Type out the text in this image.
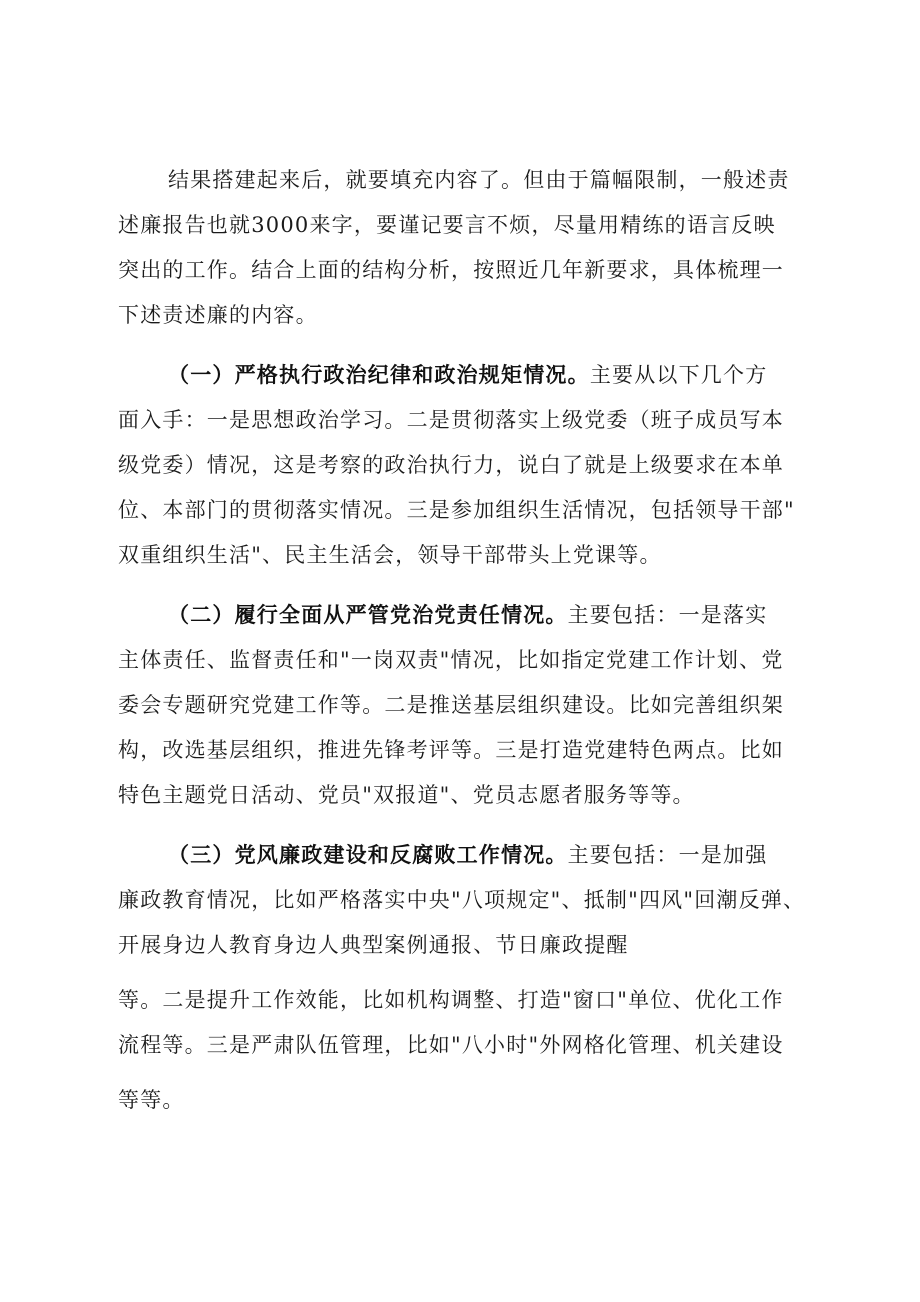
结果搭建起来后，就要填充内容了。但由于篇幅限制，一般述责
述廉报告也就3000来字，要谨记要言不烦，尽量用精练的语言反映
突出的工作。结合上面的结构分析，按照近几年新要求，具体梳理一
下述责述廉的内容。
（一）严格执行政治纪律和政治规矩情况。主要从以下几个方
面入手：一是思想政治学习。二是贯彻落实上级党委（班子成员写本
级党委）情况，这是考察的政治执行力，说白了就是上级要求在本单
位、本部门的贯彻落实情况。三是参加组织生活情况，包括领导干部"
双重组织生活"、民主生活会，领导干部带头上党课等。
（二）履行全面从严管党治党责任情况。主要包括：一是落实
主体责任、监督责任和"一岗双责"情况，比如指定党建工作计划、党
委会专题研究党建工作等。二是推送基层组织建设。比如完善组织架
构，改选基层组织，推进先锋考评等。三是打造党建特色两点。比如
特色主题党日活动、党员"双报道"、党员志愿者服务等等。
（三）党风廉政建设和反腐败工作情况。主要包括：一是加强
廉政教育情况，比如严格落实中央"八项规定"、抵制"四风"回潮反弹、
开展身边人教育身边人典型案例通报、节日廉政提醒
等。二是提升工作效能，比如机构调整、打造"窗口"单位、优化工作
流程等。三是严肃队伍管理，比如"八小时"外网格化管理、机关建设
等等。
